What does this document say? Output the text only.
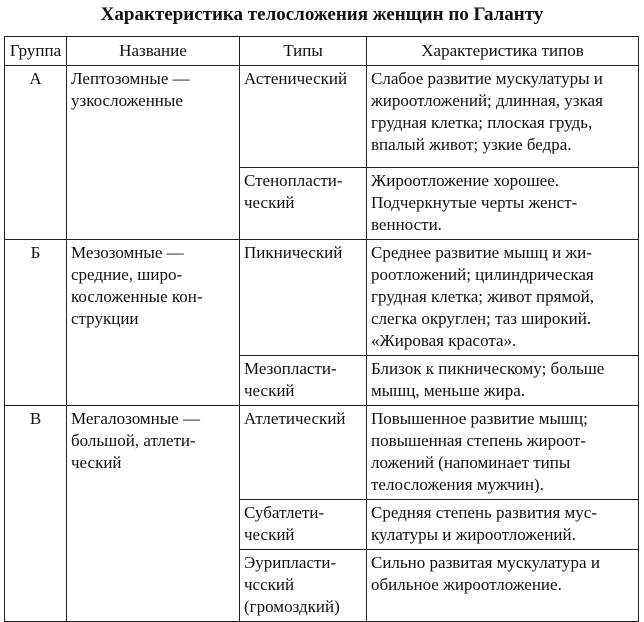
Характеристика телосложения женщин по Галанту
Группа	Название	Типы	Характеристика типов
А	Лептозомные — узкосложенные	Астенический	Слабое развитие мускулатуры и жироотложений; длинная, узкая грудная клетка; плоская грудь, впалый живот; узкие бедра.
		Стенопласти-ческий	Жироотложение хорошее. Подчеркнутые черты женст-венности.
Б	Мезозомные — средние, широ-косложенные кон-струкции	Пикнический	Среднее развитие мышц и жи-роотложений; цилиндрическая грудная клетка; живот прямой, слегка округлен; таз широкий. «Жировая красота».
		Мезопласти-ческий	Близок к пикническому; больше мышц, меньше жира.
В	Мегалозомные — большой, атлети-ческий	Атлетический	Повышенное развитие мышц; повышенная степень жироот-ложений (напоминает типы телосложения мужчин).
		Субатлети-ческий	Средняя степень развития мус-кулатуры и жироотложений.
		Эурипласти-чсский (громоздкий)	Сильно развитая мускулатура и обильное жироотложение.
